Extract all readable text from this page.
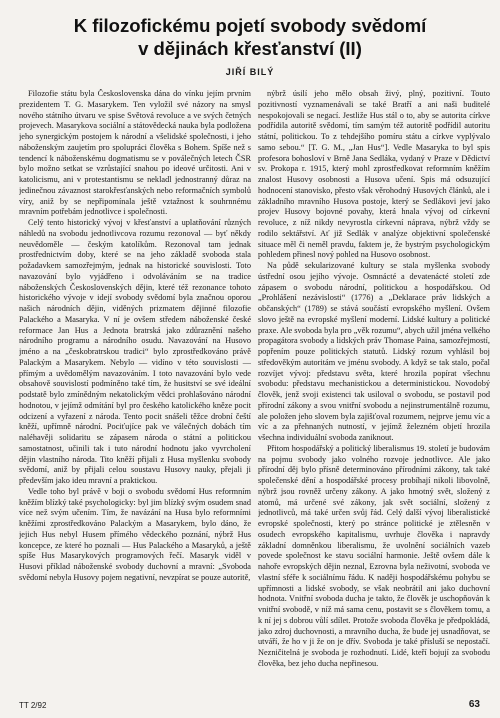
K filozofickému pojetí svobody svědomí
v dějinách křesťanství (II)
JIŘÍ BILÝ

Filozofie státu byla Československa dána do vínku jejím prvním prezidentem T. G. Masarykem. Ten vyložil své názory na smysl nového státního útvaru ve spise Světová revoluce a ve svých četných projevech. Masarykova sociální a státovědecká nauka byla podložena jeho synergickým postojem k národní a všelidské společnosti, i jeho náboženským zaujetím pro spolupráci člověka s Bohem. Spíše než s tendencí k náboženskému dogmatismu se v poválečných letech ČSR bylo možno setkat se vzrůstající snahou po ideové určitosti. Ani v katolicismu, ani v protestantismu se nekladl jednostranný důraz na jedinečnou závaznost starokřesťanských nebo reformačních symbolů víry, aniž by se nepřipomínala ještě vztažnost k souhrnnému mravním potřebám jednotlivce i společnosti.

Celý tento historický vývoj v křesťanství a uplatňování různých náhledů na svobodu jednotlivcova rozumu rezonoval — byť někdy neuvědoměle — českým katolíkům. Rezonoval tam jednak prostřednictvím doby, které se na jeho základě svoboda stala požadavkem samozřejmým, jednak na historické souvislosti. Toto navazování bylo vyjádřeno i odvoláváním se na tradice náboženských Československých dějin, které též rezonance tohoto historického vývoje v idejí svobody svědomí byla značnou oporou našich národních dějin, viděných prizmatem dějinné filozofie Palackého a Masaryka. V ní je ovšem středem náboženské české reformace Jan Hus a Jednota bratrská jako zdůraznění našeho národního programu a národního osudu. Navazování na Husovo jméno a na „českobratrskou tradici“ bylo zprostředkováno právě Palackým a Masarykem. Nebylo — vidíno v této souvislosti — přímým a uvědomělým navazováním. I toto navazování bylo vede obsahově souvislostí podmíněno také tím, že husitství se své ideální podstatě bylo zmínědným nekatolickým vědci prohlašováno národní hodnotou, v jejímž odmítání byl pro českého katolického kněze pocit odcizení a vyřazení z národa. Tento pocit snášeli těžce drobní čeští kněží, upřímně národní. Pociťujíce pak ve válečných dobách tím naléhavěji solidaritu se zápasem národa o státní a politickou samostatnost, učinili tak i tuto národní hodnotu jako vyvrcholení dějin vlastního národa. Tito kněží přijali z Husa myšlenku svobody svědomí, aniž by přijali celou soustavu Husovy nauky, přejali ji především jako ideu mravní a praktickou.

Vedle toho byl právě v boji o svobodu svědomí Hus reformním kněžím blízký také psychologicky: byl jim blízký svým osudem snad více než svým učením. Tím, že navázání na Husa bylo reformními kněžími zprostředkováno Palackým a Masarykem, bylo dáno, že jejich Hus nebyl Husem přímého vědeckého poznání, nýbrž Hus koncepce, ze které ho poznali — Hus Palackého a Masaryků, a ještě spíše Hus Masarykových programových řečí. Masaryk viděl v Husovi příklad náboženské svobody duchovní a mravní: „Svoboda svědomí nebyla Husovy pojem negativní, nevzpírat se pouze autoritě,

nýbrž úsilí jeho mělo obsah živý, plný, pozitivní. Touto pozitivností vyznamenávali se také Bratří a ani naši buditelé nespokojovali se negací. Jestliže Hus stál o to, aby se autorita církve podřídila autoritě svědomí, tím samým též autoritě podřídil autoritu státní, politickou. To z tehdejšího pomíru státu a církve vyplývalo samo sebou.“ [T. G. M., „Jan Hus“]. Vedle Masaryka to byl spis profesora bohosloví v Brně Jana Sedláka, vydaný v Praze v Dědictví sv. Prokopa r. 1915, který mohl zprostředkovat reformním kněžím znalost Husovy osobnosti a Husova učení. Spis má odsuzující hodnocení stanovisko, přesto však věrohodný Husových článků, ale i základního mravního Husova postoje, který se Sedlákovi jeví jako projev Husovy bojovné povahy, která hnala vývoj od církevní revoluce, z níž nikdy nevyrostla církevní náprava, nýbrž vždy se rodilo sektářství. Ať již Sedlák v analýze objektivní společenské situace měl či neměl pravdu, faktem je, že bystrým psychologickým pohledem přinesl nový pohled na Husovo osobnost.

Na půdě sekularizované kultury se stala myšlenka svobody ústřední osou jejího vývoje. Osmnácté a devatenácté století zde zápasem o svobodu národní, politickou a hospodářskou. Od „Prohlášení nezávislosti“ (1776) a „Deklarace práv lidských a občanských“ (1789) se stává součástí evropského myšlení. Ovšem slovo ještě na evropské myšlení moderní. Lidské kultury a politické praxe. Ale svoboda byla pro „věk rozumu“, abych užil jména velkého propagátora svobody a lidských práv Thomase Paina, samozřejmostí, popřením pouze politických statutů. Lidský rozum vyhlásil boj středověkým autoritám ve jménu svobody. A když se tak stalo, počal rozvíjet vývoj: představu světa, které hrozila popírat všechnu svobodu: představu mechanistickou a deterministickou. Novodobý člověk, jenž svoji existenci tak usiloval o svobodu, se postavil pod přírodní zákony a svou vnitřní svobodu a nejinstrumentálně rozumu, ale položen jeho slovem byla zajišťoval rozumem, nejprve jemu víc a víc a za přehnaných nutností, v jejímž železném objetí hrozila všechna individuální svoboda zaniknout.

Přitom hospodářský a politický liberalismus 19. století je budovám na pojmu svobody jako volného rozvoje jednotlivce. Ale jako přírodní děj bylo přísně determinováno přírodními zákony, tak také společenské dění a hospodářské procesy probíhají nikoli libovolně, nýbrž jsou rovněž určeny zákony. A jako hmotný svět, složený z atomů, má určené své zákony, jak svět sociální, složený z jednotlivců, má také určen svůj řád. Celý další vývoj liberalistické evropské společnosti, který po stránce politické je ztělesněn v osudech evropského kapitalismu, uvrhuje člověka i napravdy základní domněnkou liberalismu, že uvolnění sociálních vazeb povede společnost ke stavu sociální harmonie. Ještě ovšem dále k nahoře evropských dějin neznal, Ezrovna byla neživotní, svoboda ve vlastní sféře k sociálnímu řádu. K naději hospodářskému pohybu se upřímnosti a lidské svobody, se však neobrátil ani jako duchovní hodnota. Vnitřní svoboda ducha je takto, že člověk je uschopňován k vnitřní svobodě, v níž má sama cenu, postavit se s člověkem tomu, a k ní jej s dobrou vůlí sdílet. Protože svoboda člověka je předpokládá, jako zdroj duchovnosti, a mravního ducha, že bude jej usnadňovat, se utváří, že ho v ji že on je dřív. Svoboda je také přísluší se nepostačí. Nezničitelná je svoboda je rozhodnutí. Lidé, kteří bojují za svobodu člověka, bez jeho ducha nepřinesou.

TT 2/92	63
